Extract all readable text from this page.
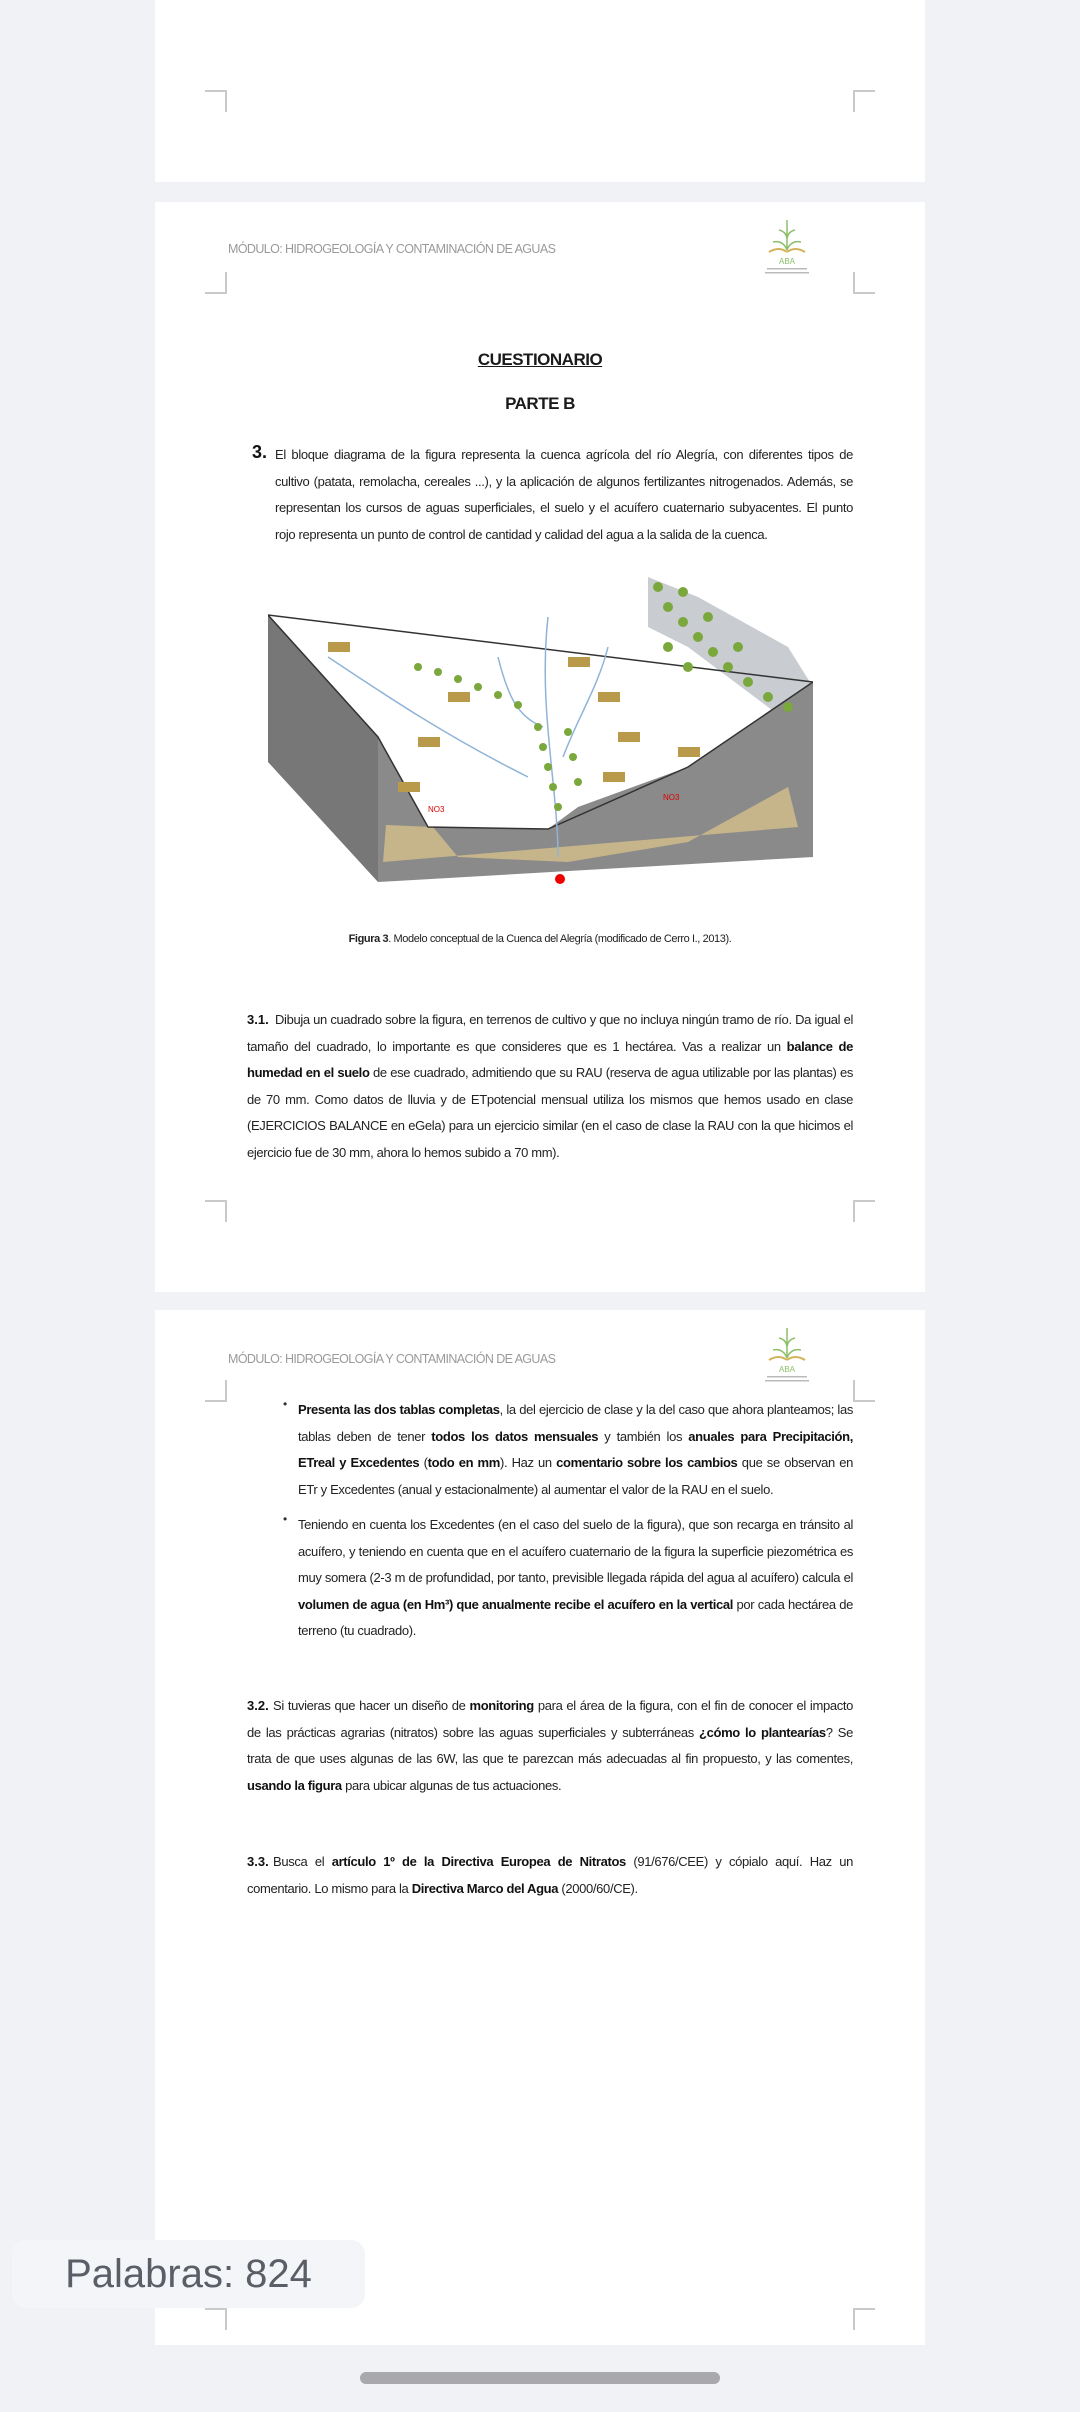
MÓDULO: HIDROGEOLOGÍA Y CONTAMINACIÓN DE AGUAS
ABA
CUESTIONARIO
PARTE B
3. El bloque diagrama de la figura representa la cuenca agrícola del río Alegría, con diferentes tipos de cultivo (patata, remolacha, cereales ...), y la aplicación de algunos fertilizantes nitrogenados. Además, se representan los cursos de aguas superficiales, el suelo y el acuífero cuaternario subyacentes. El punto rojo representa un punto de control de cantidad y calidad del agua a la salida de la cuenca.
NO3
NO3
Figura 3. Modelo conceptual de la Cuenca del Alegría (modificado de Cerro I., 2013).
3.1. Dibuja un cuadrado sobre la figura, en terrenos de cultivo y que no incluya ningún tramo de río. Da igual el tamaño del cuadrado, lo importante es que consideres que es 1 hectárea. Vas a realizar un balance de humedad en el suelo de ese cuadrado, admitiendo que su RAU (reserva de agua utilizable por las plantas) es de 70 mm. Como datos de lluvia y de ETpotencial mensual utiliza los mismos que hemos usado en clase (EJERCICIOS BALANCE en eGela) para un ejercicio similar (en el caso de clase la RAU con la que hicimos el ejercicio fue de 30 mm, ahora lo hemos subido a 70 mm).
MÓDULO: HIDROGEOLOGÍA Y CONTAMINACIÓN DE AGUAS
ABA
• Presenta las dos tablas completas, la del ejercicio de clase y la del caso que ahora planteamos; las tablas deben de tener todos los datos mensuales y también los anuales para Precipitación, ETreal y Excedentes (todo en mm). Haz un comentario sobre los cambios que se observan en ETr y Excedentes (anual y estacionalmente) al aumentar el valor de la RAU en el suelo.
• Teniendo en cuenta los Excedentes (en el caso del suelo de la figura), que son recarga en tránsito al acuífero, y teniendo en cuenta que en el acuífero cuaternario de la figura la superficie piezométrica es muy somera (2-3 m de profundidad, por tanto, previsible llegada rápida del agua al acuífero) calcula el volumen de agua (en Hm³) que anualmente recibe el acuífero en la vertical por cada hectárea de terreno (tu cuadrado).
3.2. Si tuvieras que hacer un diseño de monitoring para el área de la figura, con el fin de conocer el impacto de las prácticas agrarias (nitratos) sobre las aguas superficiales y subterráneas ¿cómo lo plantearías? Se trata de que uses algunas de las 6W, las que te parezcan más adecuadas al fin propuesto, y las comentes, usando la figura para ubicar algunas de tus actuaciones.
3.3. Busca el artículo 1º de la Directiva Europea de Nitratos (91/676/CEE) y cópialo aquí. Haz un comentario. Lo mismo para la Directiva Marco del Agua (2000/60/CE).
Palabras: 824
